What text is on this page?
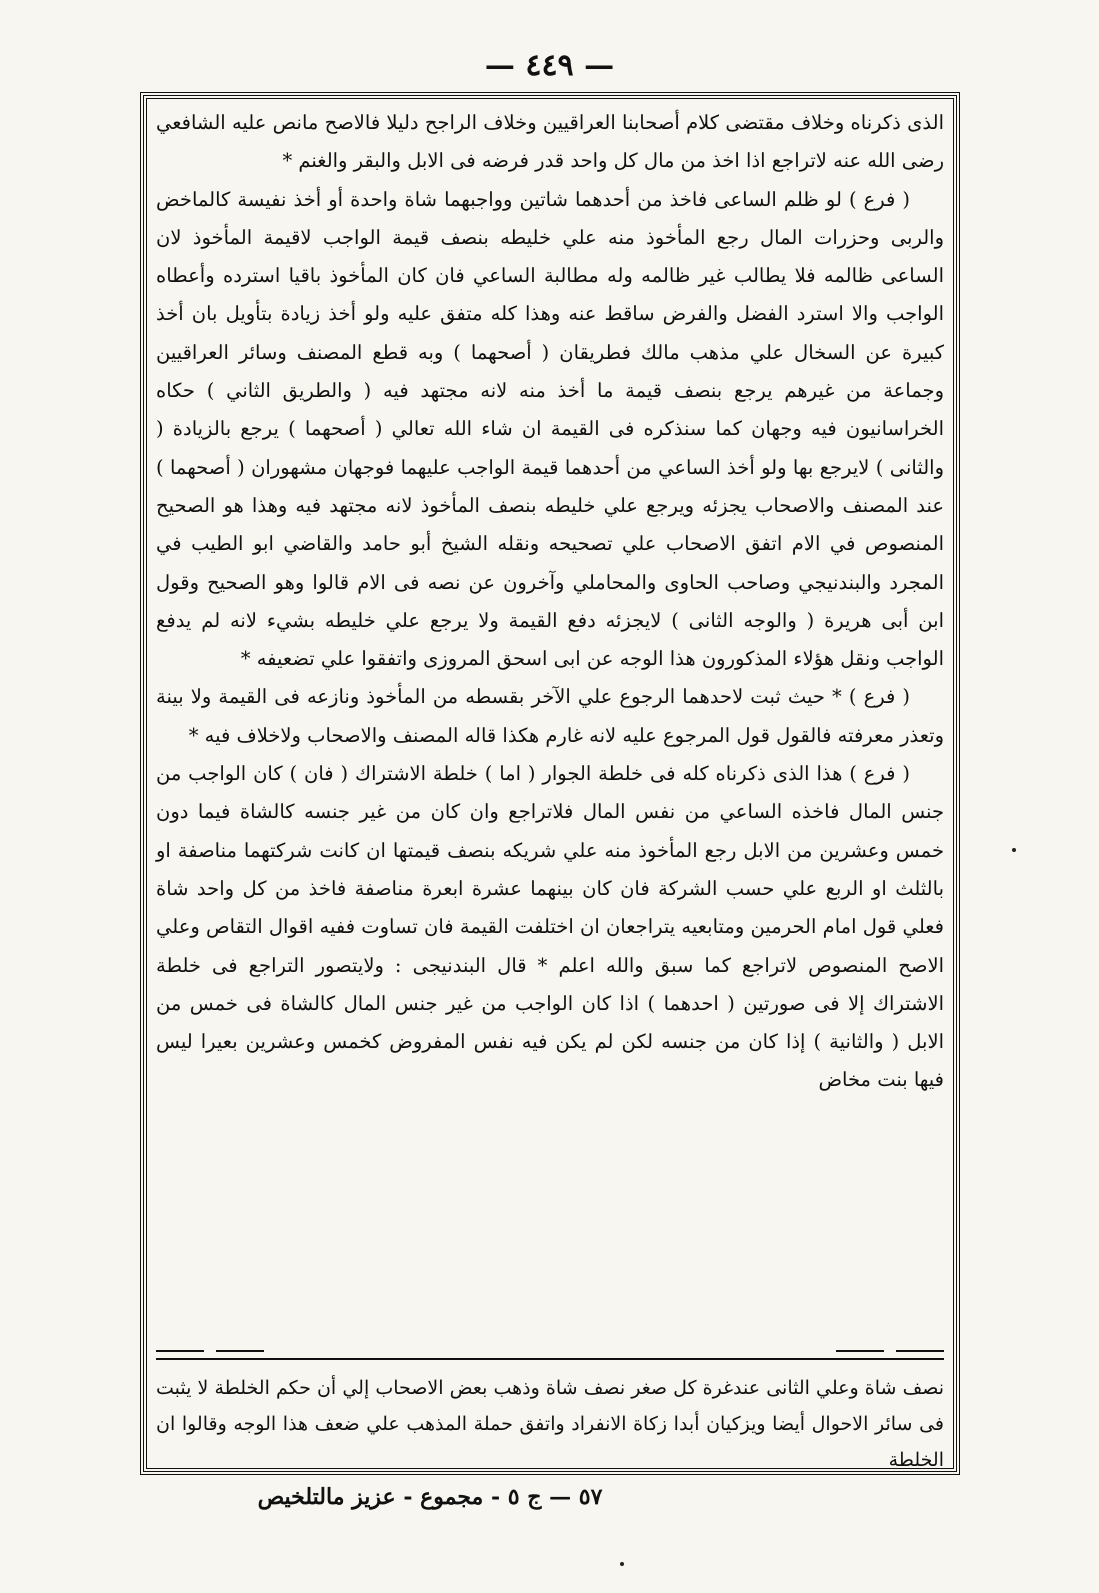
— ٤٤٩ —

الذى ذكرناه وخلاف مقتضى كلام أصحابنا العراقيين وخلاف الراجح دليلا فالاصح مانص عليه الشافعي رضى الله عنه لاتراجع اذا اخذ من مال كل واحد قدر فرضه فى الابل والبقر والغنم *

( فرع ) لو ظلم الساعى فاخذ من أحدهما شاتين وواجبهما شاة واحدة أو أخذ نفيسة كالماخض والربى وحزرات المال رجع المأخوذ منه علي خليطه بنصف قيمة الواجب لاقيمة المأخوذ لان الساعى ظالمه فلا يطالب غير ظالمه وله مطالبة الساعي فان كان المأخوذ باقيا استرده وأعطاه الواجب والا استرد الفضل والفرض ساقط عنه وهذا كله متفق عليه ولو أخذ زيادة بتأويل بان أخذ كبيرة عن السخال علي مذهب مالك فطريقان ( أصحهما ) وبه قطع المصنف وسائر العراقيين وجماعة من غيرهم يرجع بنصف قيمة ما أخذ منه لانه مجتهد فيه ( والطريق الثاني ) حكاه الخراسانيون فيه وجهان كما سنذكره فى القيمة ان شاء الله تعالي ( أصحهما ) يرجع بالزيادة ( والثانى ) لايرجع بها ولو أخذ الساعي من أحدهما قيمة الواجب عليهما فوجهان مشهوران ( أصحهما ) عند المصنف والاصحاب يجزئه ويرجع علي خليطه بنصف المأخوذ لانه مجتهد فيه وهذا هو الصحيح المنصوص في الام اتفق الاصحاب علي تصحيحه ونقله الشيخ أبو حامد والقاضي ابو الطيب في المجرد والبندنيجي وصاحب الحاوى والمحاملي وآخرون عن نصه فى الام قالوا وهو الصحيح وقول ابن أبى هريرة ( والوجه الثانى ) لايجزئه دفع القيمة ولا يرجع علي خليطه بشيء لانه لم يدفع الواجب ونقل هؤلاء المذكورون هذا الوجه عن ابى اسحق المروزى واتفقوا علي تضعيفه *

( فرع ) * حيث ثبت لاحدهما الرجوع علي الآخر بقسطه من المأخوذ ونازعه فى القيمة ولا بينة وتعذر معرفته فالقول قول المرجوع عليه لانه غارم هكذا قاله المصنف والاصحاب ولاخلاف فيه *

( فرع ) هذا الذى ذكرناه كله فى خلطة الجوار ( اما ) خلطة الاشتراك ( فان ) كان الواجب من جنس المال فاخذه الساعي من نفس المال فلاتراجع وان كان من غير جنسه كالشاة فيما دون خمس وعشرين من الابل رجع المأخوذ منه علي شريكه بنصف قيمتها ان كانت شركتهما مناصفة او بالثلث او الربع علي حسب الشركة فان كان بينهما عشرة ابعرة مناصفة فاخذ من كل واحد شاة فعلي قول امام الحرمين ومتابعيه يتراجعان ان اختلفت القيمة فان تساوت ففيه اقوال التقاص وعلي الاصح المنصوص لاتراجع كما سبق والله اعلم * قال البندنيجى : ولايتصور التراجع فى خلطة الاشتراك إلا فى صورتين ( احدهما ) اذا كان الواجب من غير جنس المال كالشاة فى خمس من الابل ( والثانية ) إذا كان من جنسه لكن لم يكن فيه نفس المفروض كخمس وعشرين بعيرا ليس فيها بنت مخاض

نصف شاة وعلي الثانى عندغرة كل صغر نصف شاة وذهب بعض الاصحاب إلي أن حكم الخلطة لا يثبت فى سائر الاحوال أيضا ويزكيان أبدا زكاة الانفراد واتفق حملة المذهب علي ضعف هذا الوجه وقالوا ان الخلطة
٥٧ — ج ٥ - مجموع - عزيز مالتلخيص
